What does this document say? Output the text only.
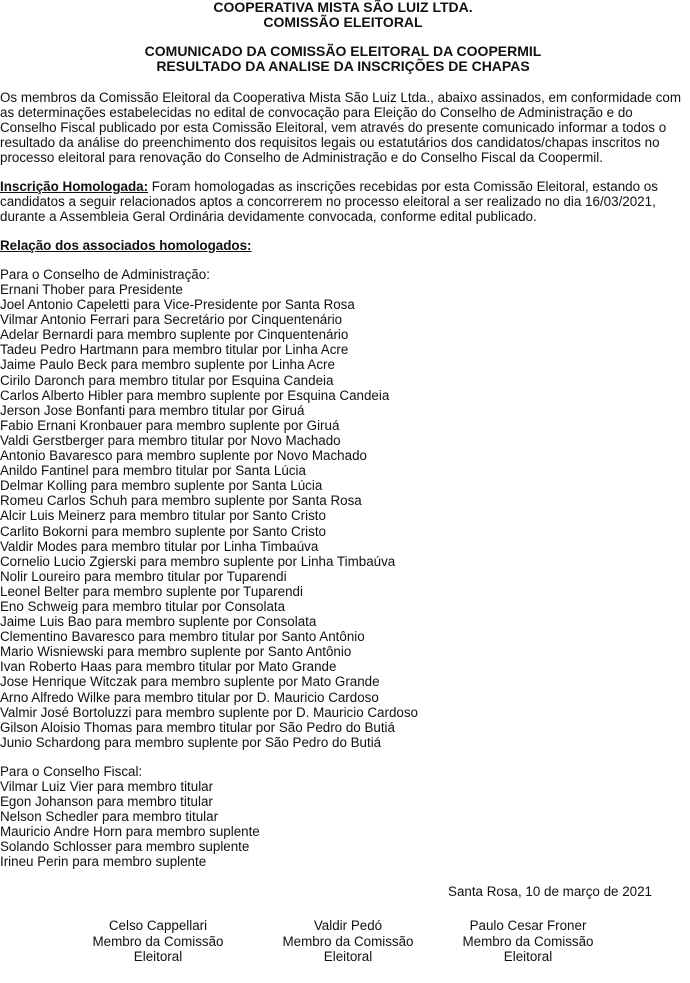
COOPERATIVA MISTA SÃO LUIZ LTDA.
COMISSÃO ELEITORAL
COMUNICADO DA COMISSÃO ELEITORAL DA COOPERMIL
RESULTADO DA ANALISE DA INSCRIÇÕES DE CHAPAS

Os membros da Comissão Eleitoral da Cooperativa Mista São Luiz Ltda., abaixo assinados, em conformidade com as determinações estabelecidas no edital de convocação para Eleição do Conselho de Administração e do Conselho Fiscal publicado por esta Comissão Eleitoral, vem através do presente comunicado informar a todos o resultado da análise do preenchimento dos requisitos legais ou estatutários dos candidatos/chapas inscritos no processo eleitoral para renovação do Conselho de Administração e do Conselho Fiscal da Coopermil.

Inscrição Homologada: Foram homologadas as inscrições recebidas por esta Comissão Eleitoral, estando os candidatos a seguir relacionados aptos a concorrerem no processo eleitoral a ser realizado no dia 16/03/2021, durante a Assembleia Geral Ordinária devidamente convocada, conforme edital publicado.

Relação dos associados homologados:

Para o Conselho de Administração:

Ernani Thober para Presidente
Joel Antonio Capeletti para Vice-Presidente por Santa Rosa
Vilmar Antonio Ferrari para Secretário por Cinquentenário
Adelar Bernardi para membro suplente por Cinquentenário
Tadeu Pedro Hartmann para membro titular por Linha Acre
Jaime Paulo Beck para membro suplente por Linha Acre
Cirilo Daronch para membro titular por Esquina Candeia
Carlos Alberto Hibler para membro suplente por Esquina Candeia
Jerson Jose Bonfanti para membro titular por Giruá
Fabio Ernani Kronbauer para membro suplente por Giruá
Valdi Gerstberger para membro titular por Novo Machado
Antonio Bavaresco para membro suplente por Novo Machado
Anildo Fantinel para membro titular por Santa Lúcia
Delmar Kolling para membro suplente por Santa Lúcia
Romeu Carlos Schuh para membro suplente por Santa Rosa
Alcir Luis Meinerz para membro titular por Santo Cristo
Carlito Bokorni para membro suplente por Santo Cristo
Valdir Modes para membro titular por Linha Timbaúva
Cornelio Lucio Zgierski para membro suplente por Linha Timbaúva
Nolir Loureiro para membro titular por Tuparendi
Leonel Belter para membro suplente por Tuparendi
Eno Schweig para membro titular por Consolata
Jaime Luis Bao para membro suplente por Consolata
Clementino Bavaresco para membro titular por Santo Antônio
Mario Wisniewski para membro suplente por Santo Antônio
Ivan Roberto Haas para membro titular por Mato Grande
Jose Henrique Witczak para membro suplente por Mato Grande
Arno Alfredo Wilke para membro titular por D. Mauricio Cardoso
Valmir José Bortoluzzi para membro suplente por D. Mauricio Cardoso
Gilson Aloisio Thomas para membro titular por São Pedro do Butiá
Junio Schardong para membro suplente por São Pedro do Butiá

Para o Conselho Fiscal:

Vilmar Luiz Vier para membro titular
Egon Johanson para membro titular
Nelson Schedler para membro titular
Mauricio Andre Horn para membro suplente
Solando Schlosser para membro suplente
Irineu Perin para membro suplente

Santa Rosa, 10 de março de 2021

Celso Cappellari
Membro da Comissão
Eleitoral
Valdir Pedó
Membro da Comissão
Eleitoral
Paulo Cesar Froner
Membro da Comissão
Eleitoral
